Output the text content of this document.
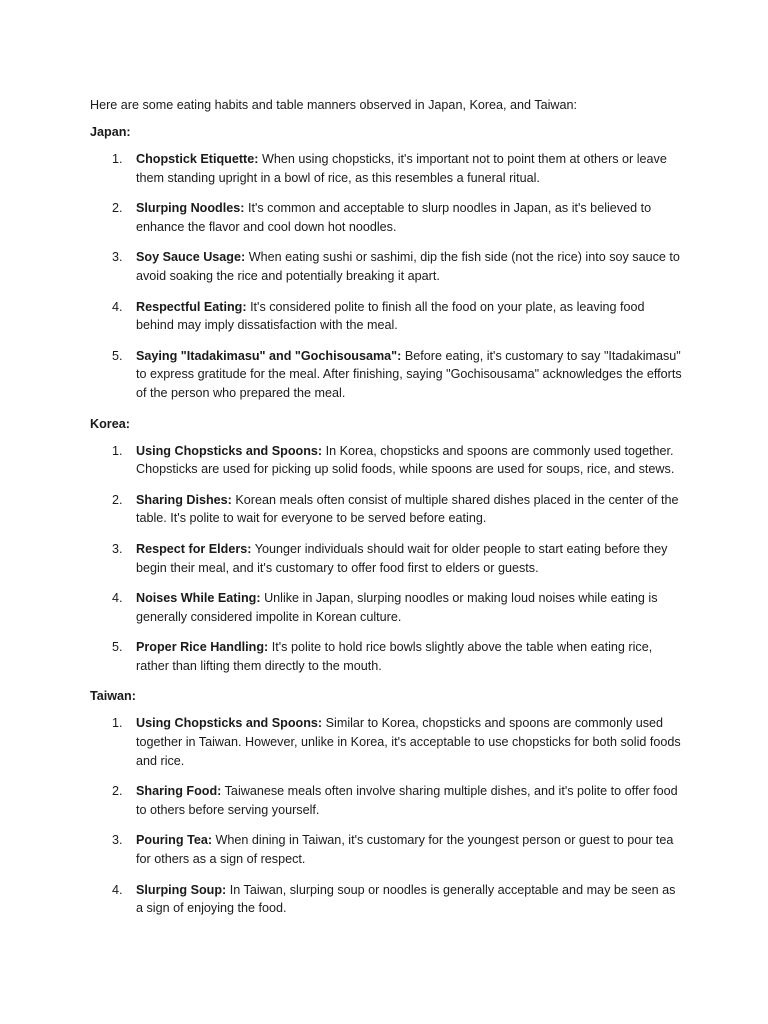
Here are some eating habits and table manners observed in Japan, Korea, and Taiwan:

Japan:

1.	Chopstick Etiquette: When using chopsticks, it's important not to point them at others or leave them standing upright in a bowl of rice, as this resembles a funeral ritual.
2.	Slurping Noodles: It's common and acceptable to slurp noodles in Japan, as it's believed to enhance the flavor and cool down hot noodles.
3.	Soy Sauce Usage: When eating sushi or sashimi, dip the fish side (not the rice) into soy sauce to avoid soaking the rice and potentially breaking it apart.
4.	Respectful Eating: It's considered polite to finish all the food on your plate, as leaving food behind may imply dissatisfaction with the meal.
5.	Saying "Itadakimasu" and "Gochisousama": Before eating, it's customary to say "Itadakimasu" to express gratitude for the meal. After finishing, saying "Gochisousama" acknowledges the efforts of the person who prepared the meal.

Korea:

1.	Using Chopsticks and Spoons: In Korea, chopsticks and spoons are commonly used together. Chopsticks are used for picking up solid foods, while spoons are used for soups, rice, and stews.
2.	Sharing Dishes: Korean meals often consist of multiple shared dishes placed in the center of the table. It's polite to wait for everyone to be served before eating.
3.	Respect for Elders: Younger individuals should wait for older people to start eating before they begin their meal, and it's customary to offer food first to elders or guests.
4.	Noises While Eating: Unlike in Japan, slurping noodles or making loud noises while eating is generally considered impolite in Korean culture.
5.	Proper Rice Handling: It's polite to hold rice bowls slightly above the table when eating rice, rather than lifting them directly to the mouth.

Taiwan:

1.	Using Chopsticks and Spoons: Similar to Korea, chopsticks and spoons are commonly used together in Taiwan. However, unlike in Korea, it's acceptable to use chopsticks for both solid foods and rice.
2.	Sharing Food: Taiwanese meals often involve sharing multiple dishes, and it's polite to offer food to others before serving yourself.
3.	Pouring Tea: When dining in Taiwan, it's customary for the youngest person or guest to pour tea for others as a sign of respect.
4.	Slurping Soup: In Taiwan, slurping soup or noodles is generally acceptable and may be seen as a sign of enjoying the food.
